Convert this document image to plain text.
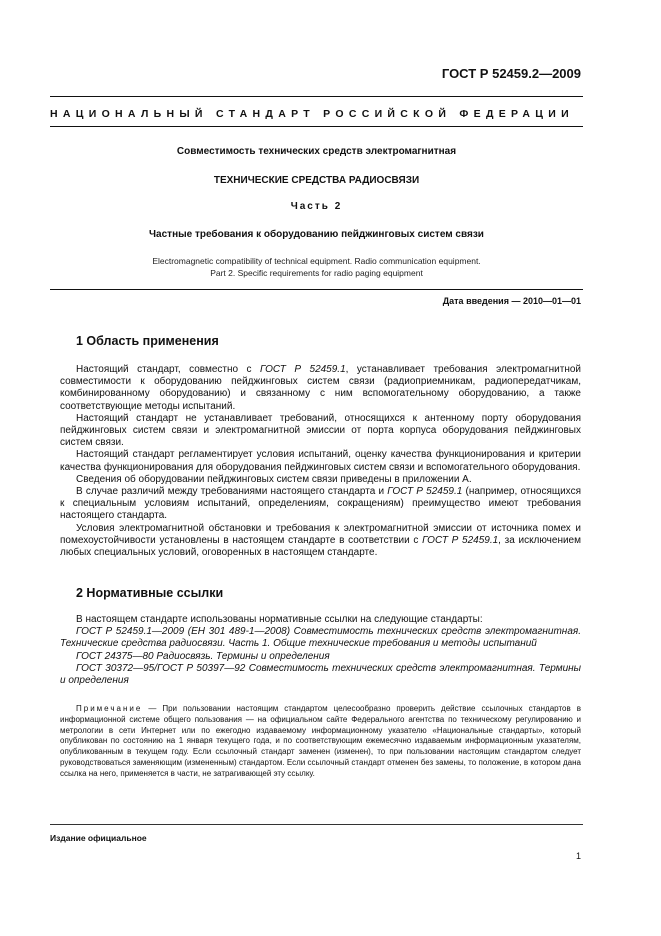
ГОСТ Р 52459.2—2009
НАЦИОНАЛЬНЫЙ СТАНДАРТ РОССИЙСКОЙ ФЕДЕРАЦИИ
Совместимость технических средств электромагнитная
ТЕХНИЧЕСКИЕ СРЕДСТВА РАДИОСВЯЗИ
Часть 2
Частные требования к оборудованию пейджинговых систем связи
Electromagnetic compatibility of technical equipment. Radio communication equipment.
Part 2. Specific requirements for radio paging equipment
Дата введения — 2010—01—01
1 Область применения

Настоящий стандарт, совместно с ГОСТ Р 52459.1, устанавливает требования электромагнитной совместимости к оборудованию пейджинговых систем связи (радиоприемникам, радиопередатчикам, комбинированному оборудованию) и связанному с ним вспомогательному оборудованию, а также соответствующие методы испытаний.

Настоящий стандарт не устанавливает требований, относящихся к антенному порту оборудования пейджинговых систем связи и электромагнитной эмиссии от порта корпуса оборудования пейджинговых систем связи.

Настоящий стандарт регламентирует условия испытаний, оценку качества функционирования и критерии качества функционирования для оборудования пейджинговых систем связи и вспомогательного оборудования.

Сведения об оборудовании пейджинговых систем связи приведены в приложении А.

В случае различий между требованиями настоящего стандарта и ГОСТ Р 52459.1 (например, относящихся к специальным условиям испытаний, определениям, сокращениям) преимущество имеют требования настоящего стандарта.

Условия электромагнитной обстановки и требования к электромагнитной эмиссии от источника помех и помехоустойчивости установлены в настоящем стандарте в соответствии с ГОСТ Р 52459.1, за исключением любых специальных условий, оговоренных в настоящем стандарте.

2 Нормативные ссылки

В настоящем стандарте использованы нормативные ссылки на следующие стандарты:

ГОСТ Р 52459.1—2009 (ЕН 301 489-1—2008) Совместимость технических средств электромагнитная. Технические средства радиосвязи. Часть 1. Общие технические требования и методы испытаний

ГОСТ 24375—80 Радиосвязь. Термины и определения

ГОСТ 30372—95/ГОСТ Р 50397—92 Совместимость технических средств электромагнитная. Термины и определения

Примечание — При пользовании настоящим стандартом целесообразно проверить действие ссылочных стандартов в информационной системе общего пользования — на официальном сайте Федерального агентства по техническому регулированию и метрологии в сети Интернет или по ежегодно издаваемому информационному указателю «Национальные стандарты», который опубликован по состоянию на 1 января текущего года, и по соответствующим ежемесячно издаваемым информационным указателям, опубликованным в текущем году. Если ссылочный стандарт заменен (изменен), то при пользовании настоящим стандартом следует руководствоваться заменяющим (измененным) стандартом. Если ссылочный стандарт отменен без замены, то положение, в котором дана ссылка на него, применяется в части, не затрагивающей эту ссылку.

Издание официальное
1
